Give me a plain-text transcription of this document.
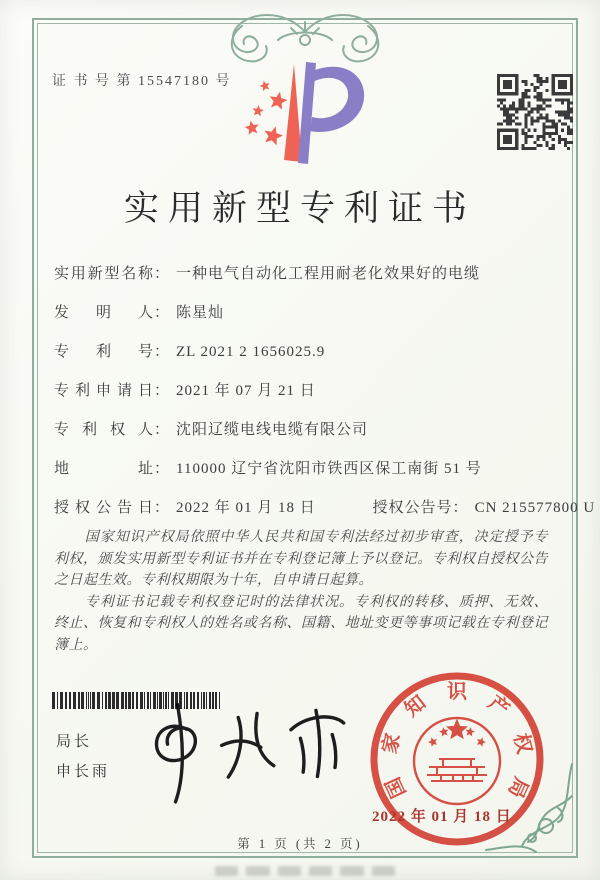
证 书 号 第 15547180 号
实用新型专利证书
实用新型名称： 一种电气自动化工程用耐老化效果好的电缆
发明人： 陈星灿
专利号： ZL 2021 2 1656025.9
专利申请日： 2021 年 07 月 21 日
专利权人： 沈阳辽缆电线电缆有限公司
地址： 110000 辽宁省沈阳市铁西区保工南街 51 号
授权公告日： 2022 年 01 月 18 日	授权公告号： CN 215577800 U

国家知识产权局依照中华人民共和国专利法经过初步审查，决定授予专利权，颁发实用新型专利证书并在专利登记簿上予以登记。专利权自授权公告之日起生效。专利权期限为十年，自申请日起算。

专利证书记载专利权登记时的法律状况。专利权的转移、质押、无效、终止、恢复和专利权人的姓名或名称、国籍、地址变更等事项记载在专利登记簿上。

局长
申长雨
国
家
知 识 产
权
局
2022 年 01 月 18 日
第 1 页 (共 2 页)
